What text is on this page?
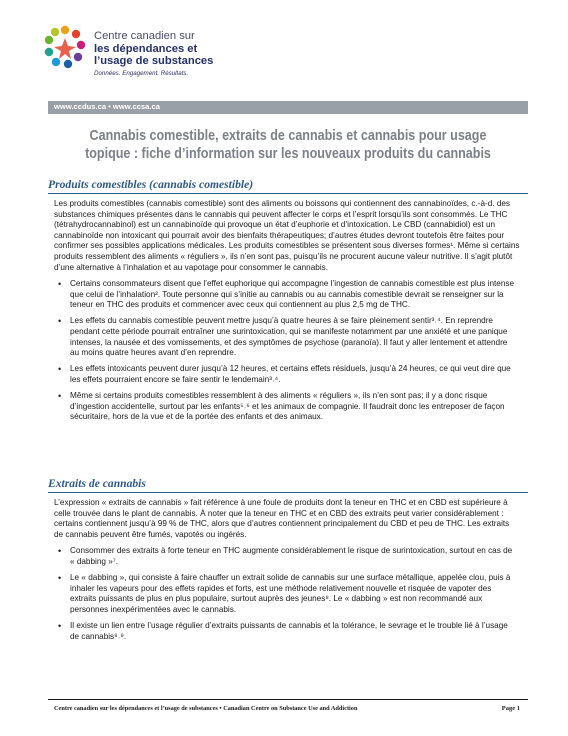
Centre canadien sur
les dépendances et
l’usage de substances
Données. Engagement. Résultats.
www.ccdus.ca • www.ccsa.ca
Cannabis comestible, extraits de cannabis et cannabis pour usage
topique : fiche d’information sur les nouveaux produits du cannabis
Produits comestibles (cannabis comestible)

Les produits comestibles (cannabis comestible) sont des aliments ou boissons qui contiennent des cannabinoïdes, c.-à-d. des substances chimiques présentes dans le cannabis qui peuvent affecter le corps et l’esprit lorsqu’ils sont consommés. Le THC (tétrahydrocannabinol) est un cannabinoïde qui provoque un état d’euphorie et d’intoxication. Le CBD (cannabidiol) est un cannabinoïde non intoxicant qui pourrait avoir des bienfaits thérapeutiques; d’autres études devront toutefois être faites pour confirmer ses possibles applications médicales. Les produits comestibles se présentent sous diverses formes¹. Même si certains produits ressemblent des aliments « réguliers », ils n’en sont pas, puisqu’ils ne procurent aucune valeur nutritive. Il s’agit plutôt d’une alternative à l’inhalation et au vapotage pour consommer le cannabis.

• Certains consommateurs disent que l’effet euphorique qui accompagne l’ingestion de cannabis comestible est plus intense que celui de l’inhalation². Toute personne qui s’initie au cannabis ou au cannabis comestible devrait se renseigner sur la teneur en THC des produits et commencer avec ceux qui contiennent au plus 2,5 mg de THC.
• Les effets du cannabis comestible peuvent mettre jusqu’à quatre heures à se faire pleinement sentir³˒⁴. En reprendre pendant cette période pourrait entraîner une surintoxication, qui se manifeste notamment par une anxiété et une panique intenses, la nausée et des vomissements, et des symptômes de psychose (paranoïa). Il faut y aller lentement et attendre au moins quatre heures avant d’en reprendre.
• Les effets intoxicants peuvent durer jusqu’à 12 heures, et certains effets résiduels, jusqu’à 24 heures, ce qui veut dire que les effets pourraient encore se faire sentir le lendemain³˒⁴.
• Même si certains produits comestibles ressemblent à des aliments « réguliers », ils n’en sont pas; il y a donc risque d’ingestion accidentelle, surtout par les enfants⁵˒⁶ et les animaux de compagnie. Il faudrait donc les entreposer de façon sécuritaire, hors de la vue et de la portée des enfants et des animaux.
Extraits de cannabis

L’expression « extraits de cannabis » fait référence à une foule de produits dont la teneur en THC et en CBD est supérieure à celle trouvée dans le plant de cannabis. À noter que la teneur en THC et en CBD des extraits peut varier considérablement : certains contiennent jusqu’à 99 % de THC, alors que d’autres contiennent principalement du CBD et peu de THC. Les extraits de cannabis peuvent être fumés, vapotés ou ingérés.

• Consommer des extraits à forte teneur en THC augmente considérablement le risque de surintoxication, surtout en cas de « dabbing »⁷.
• Le « dabbing », qui consiste à faire chauffer un extrait solide de cannabis sur une surface métallique, appelée clou, puis à inhaler les vapeurs pour des effets rapides et forts, est une méthode relativement nouvelle et risquée de vapoter des extraits puissants de plus en plus populaire, surtout auprès des jeunes⁸. Le « dabbing » est non recommandé aux personnes inexpérimentées avec le cannabis.
• Il existe un lien entre l’usage régulier d’extraits puissants de cannabis et la tolérance, le sevrage et le trouble lié à l’usage de cannabis⁸˒⁹.
Centre canadien sur les dépendances et l’usage de substances • Canadian Centre on Substance Use and Addiction	Page 1
